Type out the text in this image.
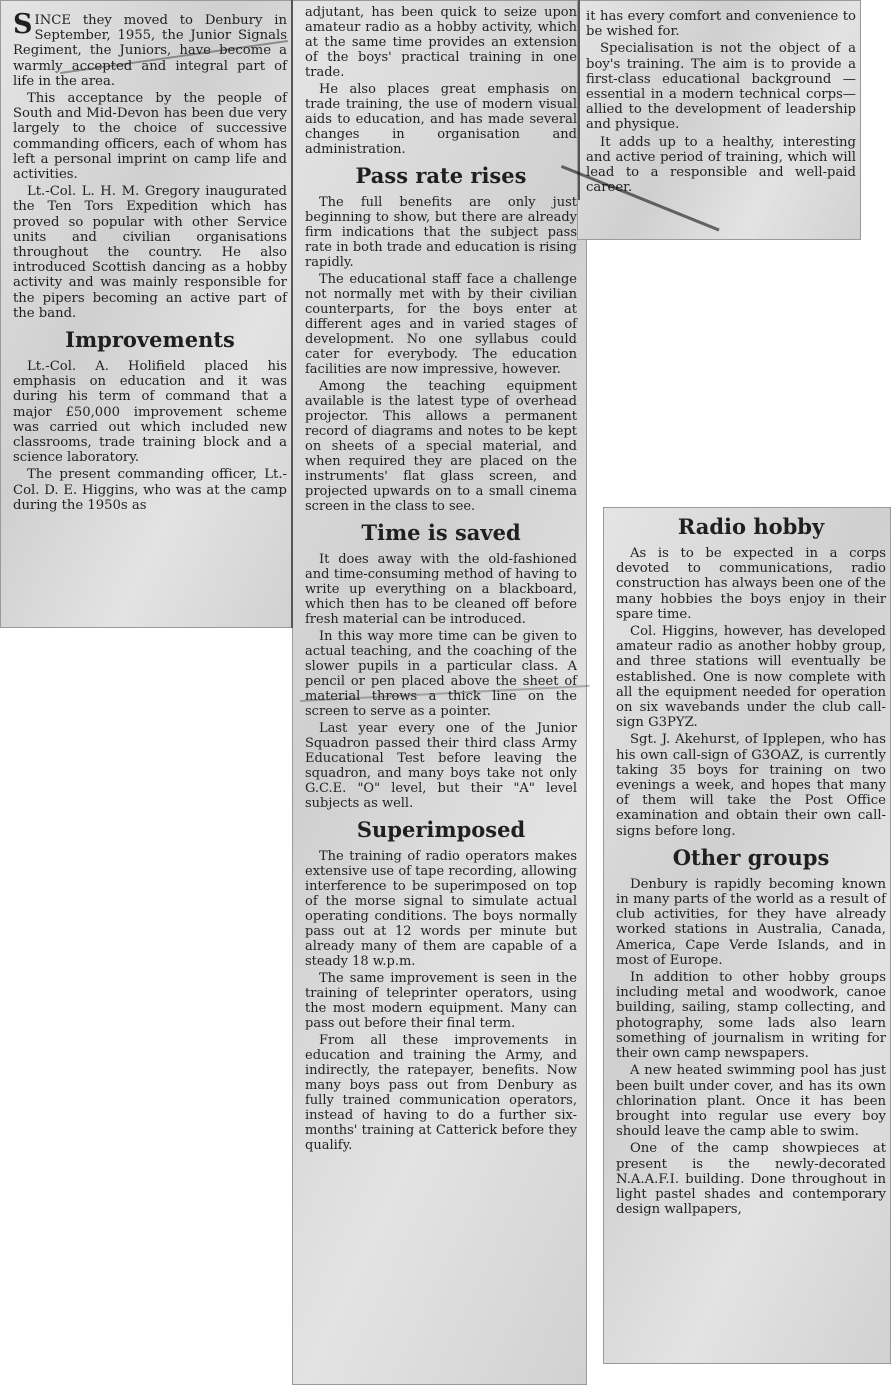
SINCE they moved to Denbury in September, 1955, the Junior Signals Regiment, the Juniors, have become a warmly accepted and integral part of life in the area.

This acceptance by the people of South and Mid-Devon has been due very largely to the choice of successive commanding officers, each of whom has left a personal imprint on camp life and activities.

Lt.-Col. L. H. M. Gregory inaugurated the Ten Tors Expedition which has proved so popular with other Service units and civilian organisations throughout the country. He also introduced Scottish dancing as a hobby activity and was mainly responsible for the pipers becoming an active part of the band.

Improvements

Lt.-Col. A. Holifield placed his emphasis on education and it was during his term of command that a major £50,000 improvement scheme was carried out which included new classrooms, trade training block and a science laboratory.

The present commanding officer, Lt.-Col. D. E. Higgins, who was at the camp during the 1950s as

adjutant, has been quick to seize upon amateur radio as a hobby activity, which at the same time provides an extension of the boys' practical training in one trade.

He also places great emphasis on trade training, the use of modern visual aids to education, and has made several changes in organisation and administration.

Pass rate rises

The full benefits are only just beginning to show, but there are already firm indications that the subject pass rate in both trade and education is rising rapidly.

The educational staff face a challenge not normally met with by their civilian counterparts, for the boys enter at different ages and in varied stages of development. No one syllabus could cater for everybody. The education facilities are now impressive, however.

Among the teaching equipment available is the latest type of overhead projector. This allows a permanent record of diagrams and notes to be kept on sheets of a special material, and when required they are placed on the instruments' flat glass screen, and projected upwards on to a small cinema screen in the class to see.

Time is saved

It does away with the old-fashioned and time-consuming method of having to write up everything on a blackboard, which then has to be cleaned off before fresh material can be introduced.

In this way more time can be given to actual teaching, and the coaching of the slower pupils in a particular class. A pencil or pen placed above the sheet of material throws a thick line on the screen to serve as a pointer.

Last year every one of the Junior Squadron passed their third class Army Educational Test before leaving the squadron, and many boys take not only G.C.E. "O" level, but their "A" level subjects as well.

Superimposed

The training of radio operators makes extensive use of tape recording, allowing interference to be superimposed on top of the morse signal to simulate actual operating conditions. The boys normally pass out at 12 words per minute but already many of them are capable of a steady 18 w.p.m.

The same improvement is seen in the training of teleprinter operators, using the most modern equipment. Many can pass out before their final term.

From all these improvements in education and training the Army, and indirectly, the ratepayer, benefits. Now many boys pass out from Denbury as fully trained communication operators, instead of having to do a further six-months' training at Catterick before they qualify.

it has every comfort and convenience to be wished for.

Specialisation is not the object of a boy's training. The aim is to provide a first-class educational background — essential in a modern technical corps—allied to the development of leadership and physique.

It adds up to a healthy, interesting and active period of training, which will lead to a responsible and well-paid career.

Radio hobby

As is to be expected in a corps devoted to communications, radio construction has always been one of the many hobbies the boys enjoy in their spare time.

Col. Higgins, however, has developed amateur radio as another hobby group, and three stations will eventually be established. One is now complete with all the equipment needed for operation on six wavebands under the club call-sign G3PYZ.

Sgt. J. Akehurst, of Ipplepen, who has his own call-sign of G3OAZ, is currently taking 35 boys for training on two evenings a week, and hopes that many of them will take the Post Office examination and obtain their own call-signs before long.

Other groups

Denbury is rapidly becoming known in many parts of the world as a result of club activities, for they have already worked stations in Australia, Canada, America, Cape Verde Islands, and in most of Europe.

In addition to other hobby groups including metal and woodwork, canoe building, sailing, stamp collecting, and photography, some lads also learn something of journalism in writing for their own camp newspapers.

A new heated swimming pool has just been built under cover, and has its own chlorination plant. Once it has been brought into regular use every boy should leave the camp able to swim.

One of the camp showpieces at present is the newly-decorated N.A.A.F.I. building. Done throughout in light pastel shades and contemporary design wallpapers,
